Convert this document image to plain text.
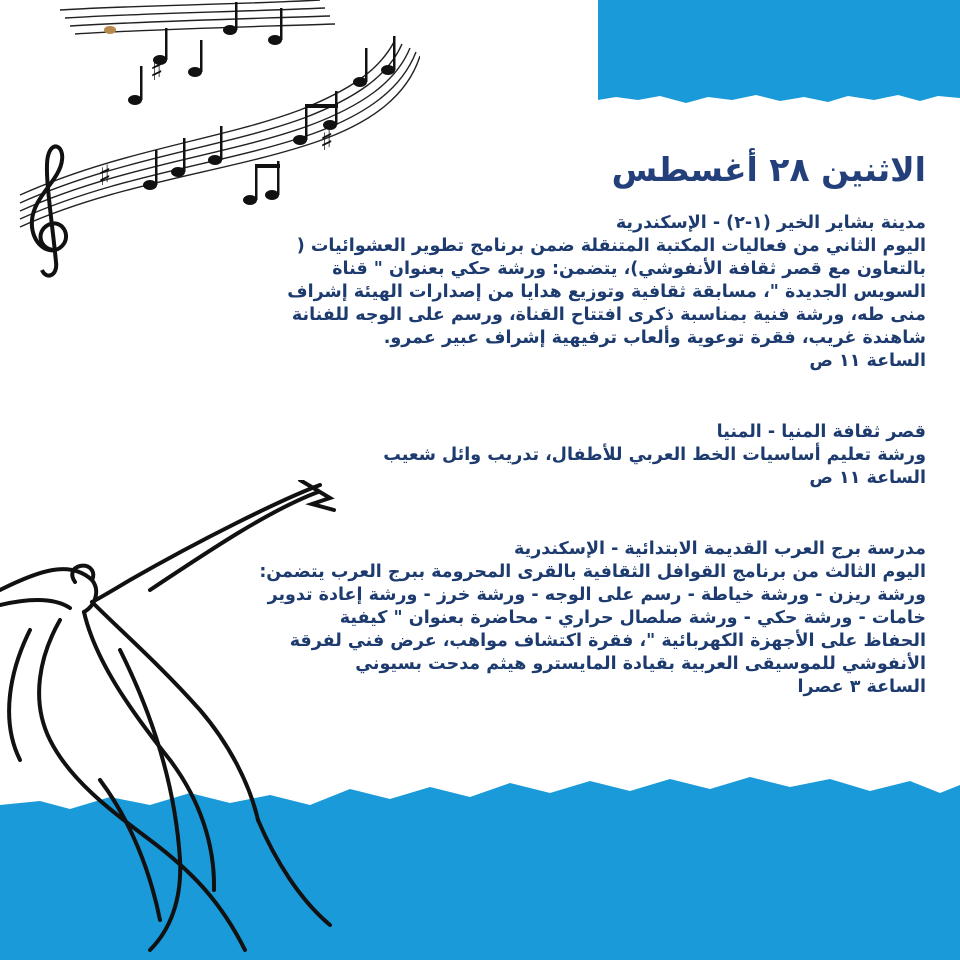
♯
♯
♯
الاثنين ٢٨ أغسطس
مدينة بشاير الخير (١-٢) - الإسكندرية
اليوم الثاني من فعاليات المكتبة المتنقلة ضمن برنامج تطوير العشوائيات (
بالتعاون مع قصر ثقافة الأنفوشي)، يتضمن: ورشة حكي بعنوان " قناة
السويس الجديدة "، مسابقة ثقافية وتوزيع هدايا من إصدارات الهيئة إشراف
منى طه، ورشة فنية بمناسبة ذكرى افتتاح القناة، ورسم على الوجه للفنانة
شاهندة غريب، فقرة توعوية وألعاب ترفيهية إشراف عبير عمرو.
الساعة ١١ ص
قصر ثقافة المنيا - المنيا
ورشة تعليم أساسيات الخط العربي للأطفال، تدريب وائل شعيب
الساعة ١١ ص
مدرسة برج العرب القديمة الابتدائية - الإسكندرية
اليوم الثالث من برنامج القوافل الثقافية بالقرى المحرومة ببرج العرب يتضمن:
ورشة ريزن - ورشة خياطة - رسم على الوجه - ورشة خرز - ورشة إعادة تدوير
خامات - ورشة حكي - ورشة صلصال حراري - محاضرة بعنوان " كيفية
الحفاظ على الأجهزة الكهربائية "، فقرة اكتشاف مواهب، عرض فني لفرقة
الأنفوشي للموسيقى العربية بقيادة المايسترو هيثم مدحت بسيوني
الساعة ٣ عصرا
